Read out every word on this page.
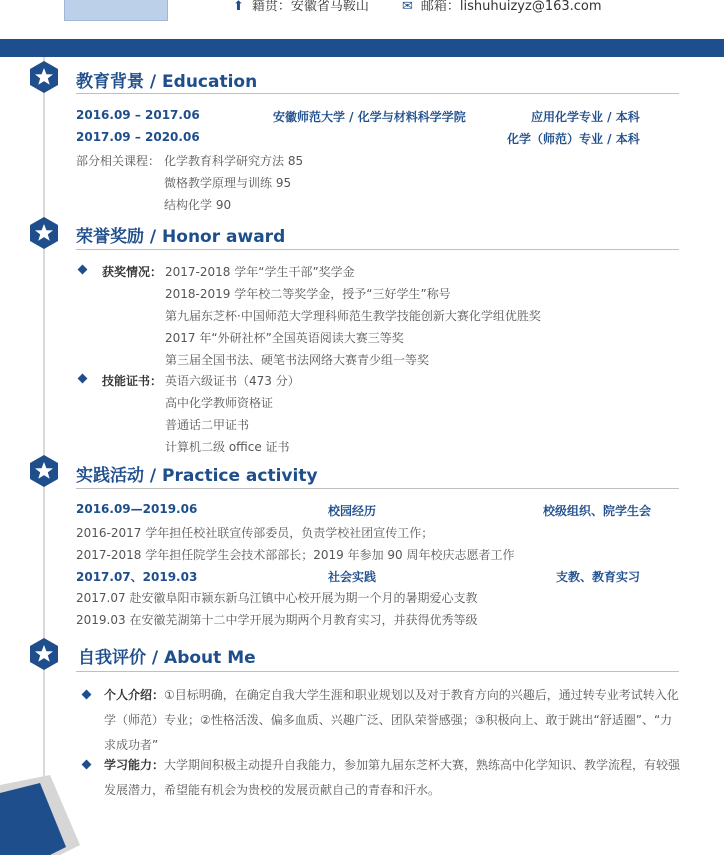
⬆ 籍贯：安徽省马鞍山	✉ 邮箱：lishuhuizyz@163.com
教育背景 / Education
2016.09 – 2017.06	安徽师范大学 / 化学与材料科学学院	应用化学专业 / 本科
2017.09 – 2020.06	化学（师范）专业 / 本科
部分相关课程： 化学教育科学研究方法 85
微格教学原理与训练 95
结构化学 90
荣誉奖励 / Honor award
获奖情况： 2017-2018 学年“学生干部”奖学金
2018-2019 学年校二等奖学金，授予“三好学生”称号
第九届东芝杯·中国师范大学理科师范生教学技能创新大赛化学组优胜奖
2017 年“外研社杯”全国英语阅读大赛三等奖
第三届全国书法、硬笔书法网络大赛青少组一等奖
技能证书： 英语六级证书（473 分）
高中化学教师资格证
普通话二甲证书
计算机二级 office 证书
实践活动 / Practice activity
2016.09—2019.06	校园经历	校级组织、院学生会
2016-2017 学年担任校社联宣传部委员，负责学校社团宣传工作；
2017-2018 学年担任院学生会技术部部长；2019 年参加 90 周年校庆志愿者工作
2017.07、2019.03	社会实践	支教、教育实习
2017.07 赴安徽阜阳市颍东新乌江镇中心校开展为期一个月的暑期爱心支教
2019.03 在安徽芜湖第十二中学开展为期两个月教育实习，并获得优秀等级
自我评价 / About Me
个人介绍：①目标明确，在确定自我大学生涯和职业规划以及对于教育方向的兴趣后，通过转专业考试转入化学（师范）专业；②性格活泼、偏多血质、兴趣广泛、团队荣誉感强；③积极向上、敢于跳出“舒适圈”、“力求成功者”
学习能力：大学期间积极主动提升自我能力，参加第九届东芝杯大赛，熟练高中化学知识、教学流程，有较强发展潜力，希望能有机会为贵校的发展贡献自己的青春和汗水。
